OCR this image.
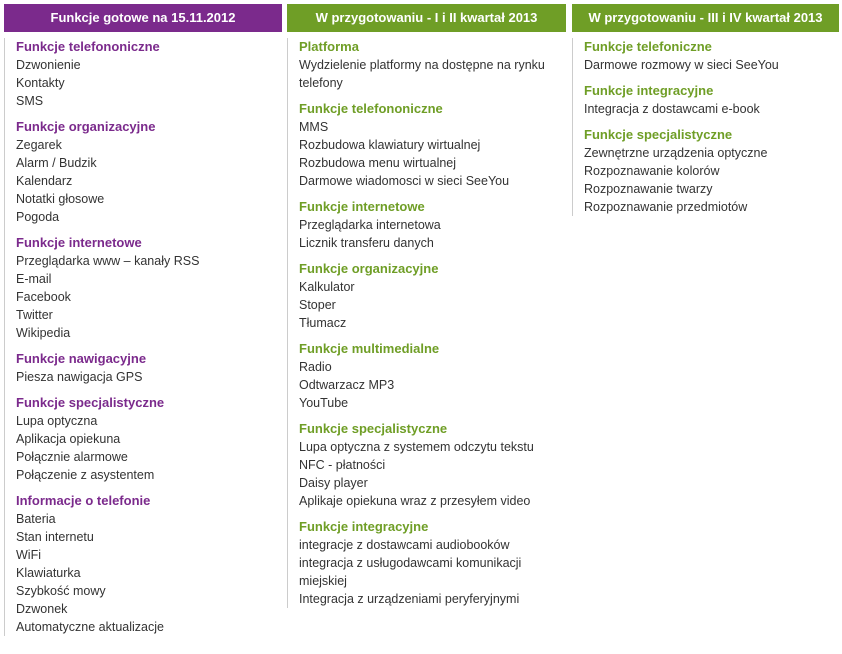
Funkcje gotowe na 15.11.2012
Funkcje telefononiczne
Dzwonienie
Kontakty
SMS
Funkcje organizacyjne
Zegarek
Alarm / Budzik
Kalendarz
Notatki głosowe
Pogoda
Funkcje internetowe
Przeglądarka www – kanały RSS
E-mail
Facebook
Twitter
Wikipedia
Funkcje nawigacyjne
Piesza nawigacja GPS
Funkcje specjalistyczne
Lupa optyczna
Aplikacja opiekuna
Połącznie alarmowe
Połączenie z asystentem
Informacje o telefonie
Bateria
Stan internetu
WiFi
Klawiaturka
Szybkość mowy
Dzwonek
Automatyczne aktualizacje
W przygotowaniu - I i II kwartał 2013
Platforma
Wydzielenie platformy na dostępne na rynku telefony
Funkcje telefononiczne
MMS
Rozbudowa klawiatury wirtualnej
Rozbudowa menu wirtualnej
Darmowe wiadomosci w sieci SeeYou
Funkcje internetowe
Przeglądarka internetowa
Licznik transferu danych
Funkcje organizacyjne
Kalkulator
Stoper
Tłumacz
Funkcje multimedialne
Radio
Odtwarzacz MP3
YouTube
Funkcje specjalistyczne
Lupa optyczna z systemem odczytu tekstu
NFC - płatności
Daisy player
Aplikaje opiekuna wraz z przesyłem video
Funkcje integracyjne
integracje z dostawcami audiobooków
integracja z usługodawcami komunikacji miejskiej
Integracja z urządzeniami peryferyjnymi
W przygotowaniu - III i IV kwartał 2013
Funkcje telefoniczne
Darmowe rozmowy w sieci SeeYou
Funkcje integracyjne
Integracja z dostawcami e-book
Funkcje specjalistyczne
Zewnętrzne urządzenia optyczne
Rozpoznawanie kolorów
Rozpoznawanie twarzy
Rozpoznawanie przedmiotów
